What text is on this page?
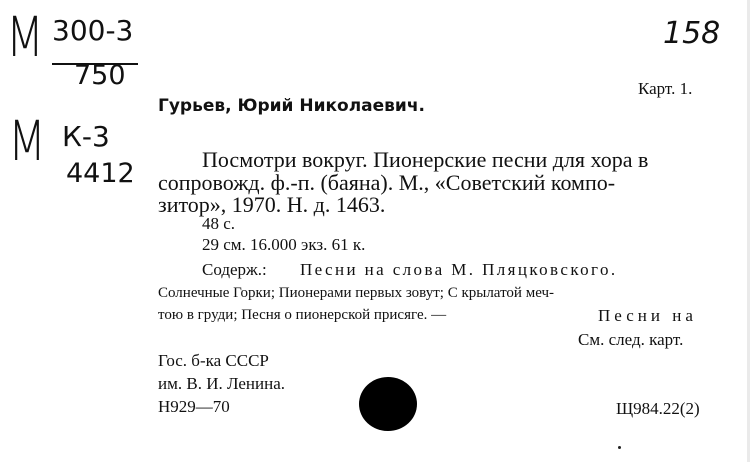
М 300-3
750
М К-3
4412
158
Карт. 1.
Гурьев, Юрий Николаевич.
Посмотри вокруг. Пионерские песни для хора в
сопровожд. ф.-п. (баяна). М., «Советский компо-
зитор», 1970. Н. д. 1463.
48 с.
29 см. 16.000 экз. 61 к.
Содерж.: Песни на слова М. Пляцковского.
Солнечные Горки; Пионерами первых зовут; С крылатой меч-
тою в груди; Песня о пионерской присяге. —	Песни на
См. след. карт.
Гос. б-ка СССР
им. В. И. Ленина.
Н929—70	Щ984.22(2)
